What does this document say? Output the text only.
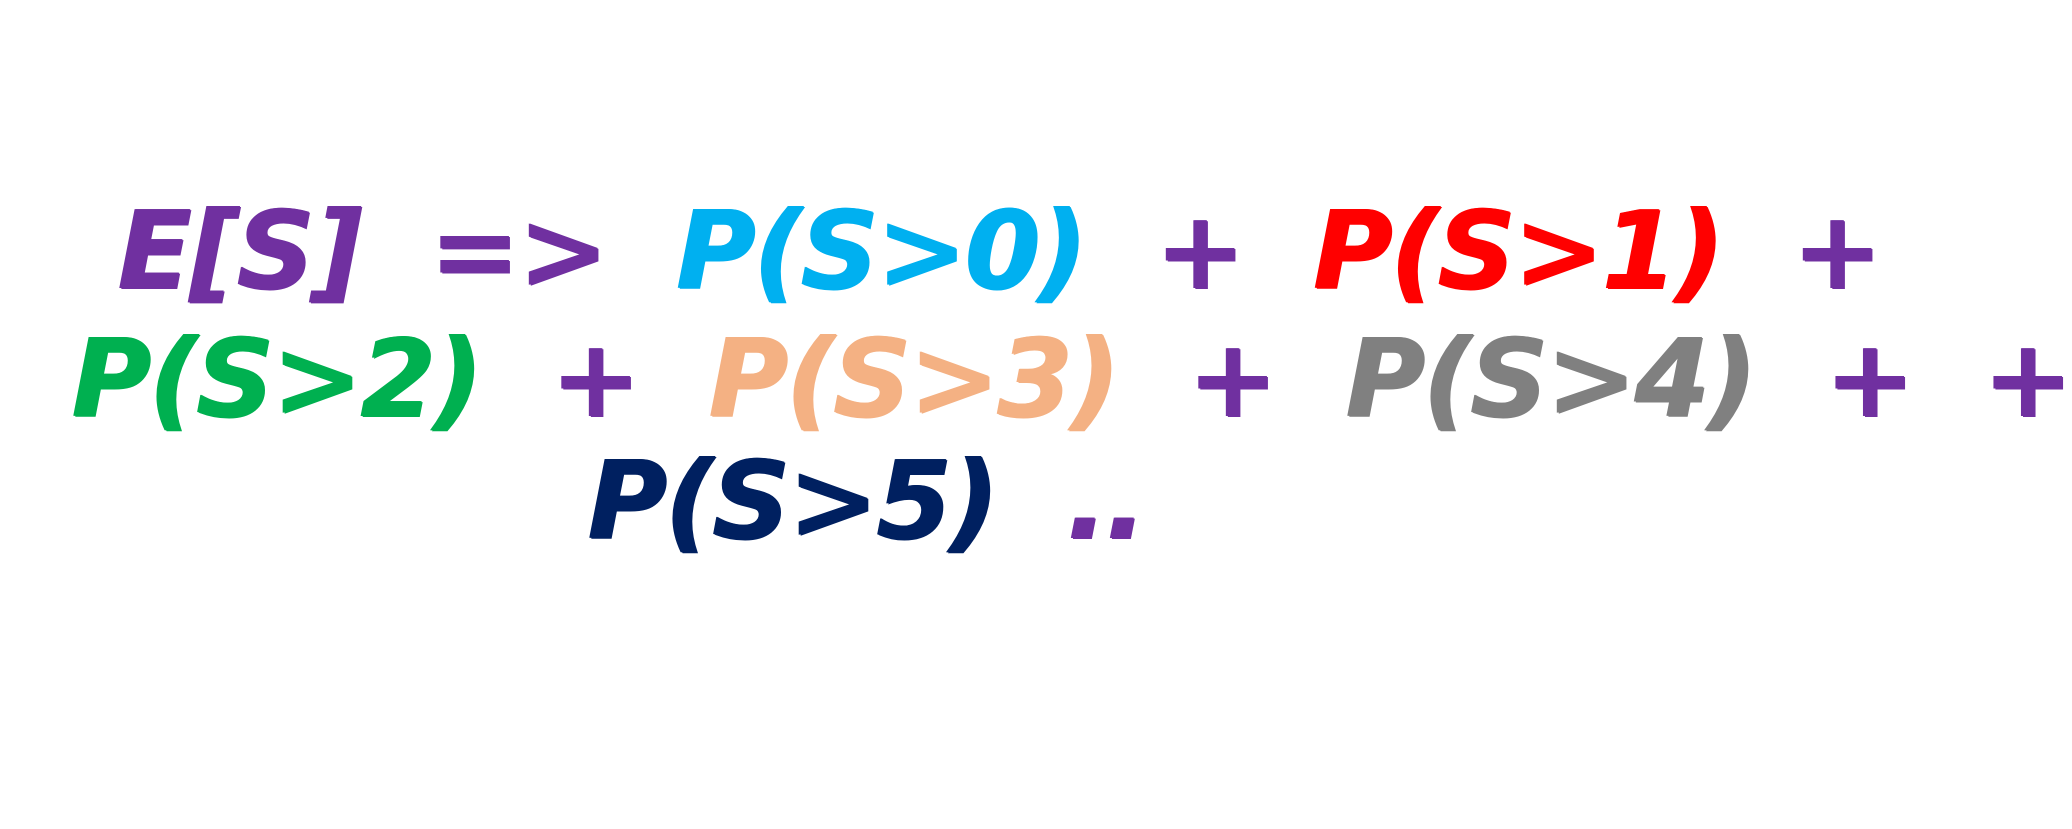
E[S] => P(S>0) + P(S>1) +
P(S>2) + P(S>3) + P(S>4) + +
P(S>5) ..
